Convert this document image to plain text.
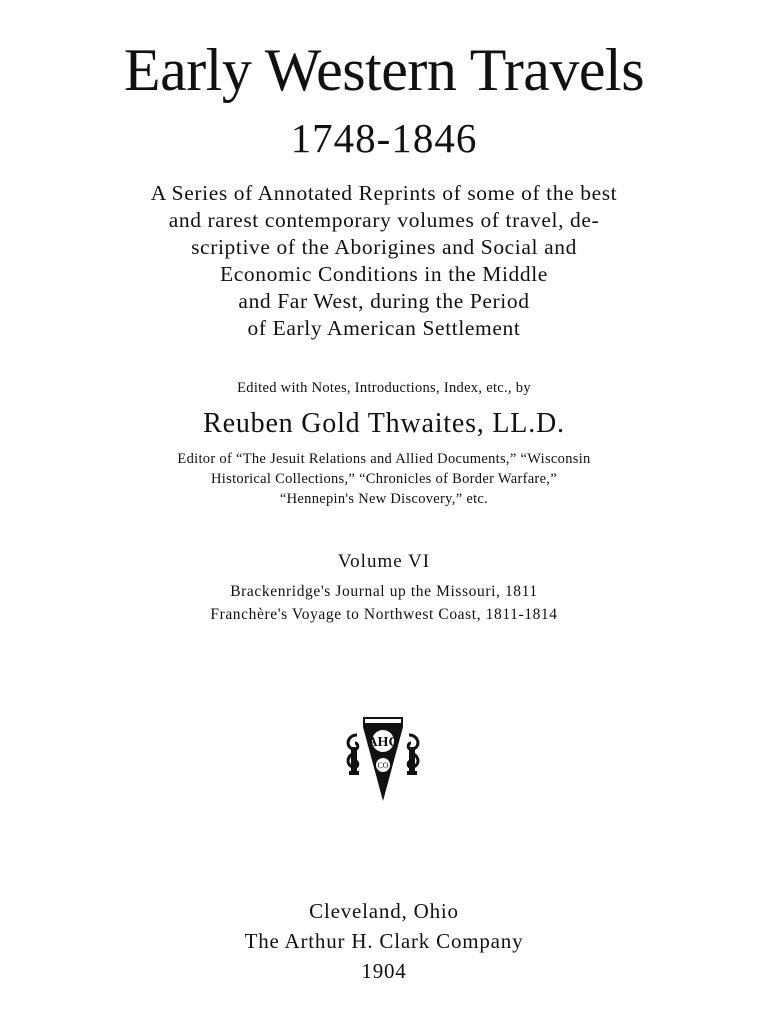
Early Western Travels
1748-1846
A Series of Annotated Reprints of some of the best
and rarest contemporary volumes of travel, de-
scriptive of the Aborigines and Social and
Economic Conditions in the Middle
and Far West, during the Period
of Early American Settlement
Edited with Notes, Introductions, Index, etc., by
Reuben Gold Thwaites, LL.D.
Editor of “The Jesuit Relations and Allied Documents,” “Wisconsin
Historical Collections,” “Chronicles of Border Warfare,”
“Hennepin's New Discovery,” etc.
Volume VI
Brackenridge's Journal up the Missouri, 1811
Franchère's Voyage to Northwest Coast, 1811-1814
AHC
CO
Cleveland, Ohio
The Arthur H. Clark Company
1904
